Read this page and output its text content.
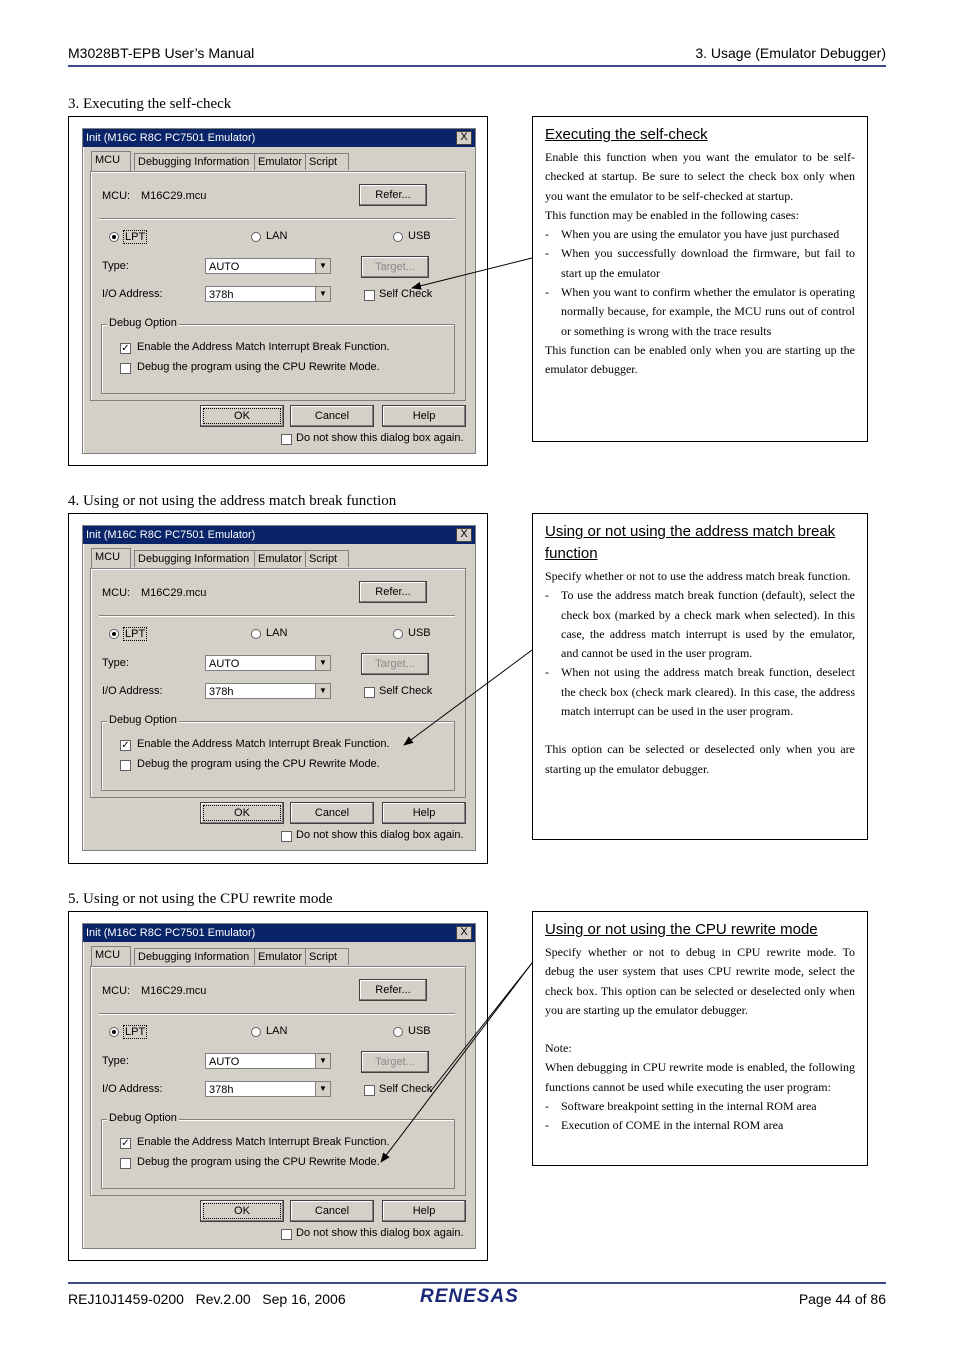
M3028BT-EPB User’s Manual	3. Usage (Emulator Debugger)
3. Executing the self-check
Init (M16C R8C PC7501 Emulator)	X
MCU	Debugging Information Emulator Script
MCU: M16C29.mcu	Refer...
LPT	LAN	USB
Type:	AUTO	▼	Target...
I/O Address:	378h	▼	Self Check
Debug Option
✓ Enable the Address Match Interrupt Break Function.
Debug the program using the CPU Rewrite Mode.
OK	Cancel	Help
Do not show this dialog box again.
Executing the self-check

Enable this function when you want the emulator to be self-checked at startup. Be sure to select the check box only when you want the emulator to be self-checked at startup.

This function may be enabled in the following cases:

- When you are using the emulator you have just purchased
- When you successfully download the firmware, but fail to start up the emulator
- When you want to confirm whether the emulator is operating normally because, for example, the MCU runs out of control or something is wrong with the trace results

This function can be enabled only when you are starting up the emulator debugger.

4. Using or not using the address match break function
Init (M16C R8C PC7501 Emulator)	X
MCU	Debugging Information Emulator Script
MCU: M16C29.mcu	Refer...
LPT	LAN	USB
Type:	AUTO	▼	Target...
I/O Address:	378h	▼	Self Check
Debug Option
✓ Enable the Address Match Interrupt Break Function.
Debug the program using the CPU Rewrite Mode.
OK	Cancel	Help
Do not show this dialog box again.
Using or not using the address match break function

Specify whether or not to use the address match break function.

- To use the address match break function (default), select the check box (marked by a check mark when selected). In this case, the address match interrupt is used by the emulator, and cannot be used in the user program.
- When not using the address match break function, deselect the check box (check mark cleared). In this case, the address match interrupt can be used in the user program.

This option can be selected or deselected only when you are starting up the emulator debugger.

5. Using or not using the CPU rewrite mode
Init (M16C R8C PC7501 Emulator)	X
MCU	Debugging Information Emulator Script
MCU: M16C29.mcu	Refer...
LPT	LAN	USB
Type:	AUTO	▼	Target...
I/O Address:	378h	▼	Self Check
Debug Option
✓ Enable the Address Match Interrupt Break Function.
Debug the program using the CPU Rewrite Mode.
OK	Cancel	Help
Do not show this dialog box again.
Using or not using the CPU rewrite mode

Specify whether or not to debug in CPU rewrite mode. To debug the user system that uses CPU rewrite mode, select the check box. This option can be selected or deselected only when you are starting up the emulator debugger.

Note:

When debugging in CPU rewrite mode is enabled, the following functions cannot be used while executing the user program:

- Software breakpoint setting in the internal ROM area
- Execution of COME in the internal ROM area
REJ10J1459-0200   Rev.2.00   Sep 16, 2006	RENESAS	Page 44 of 86
